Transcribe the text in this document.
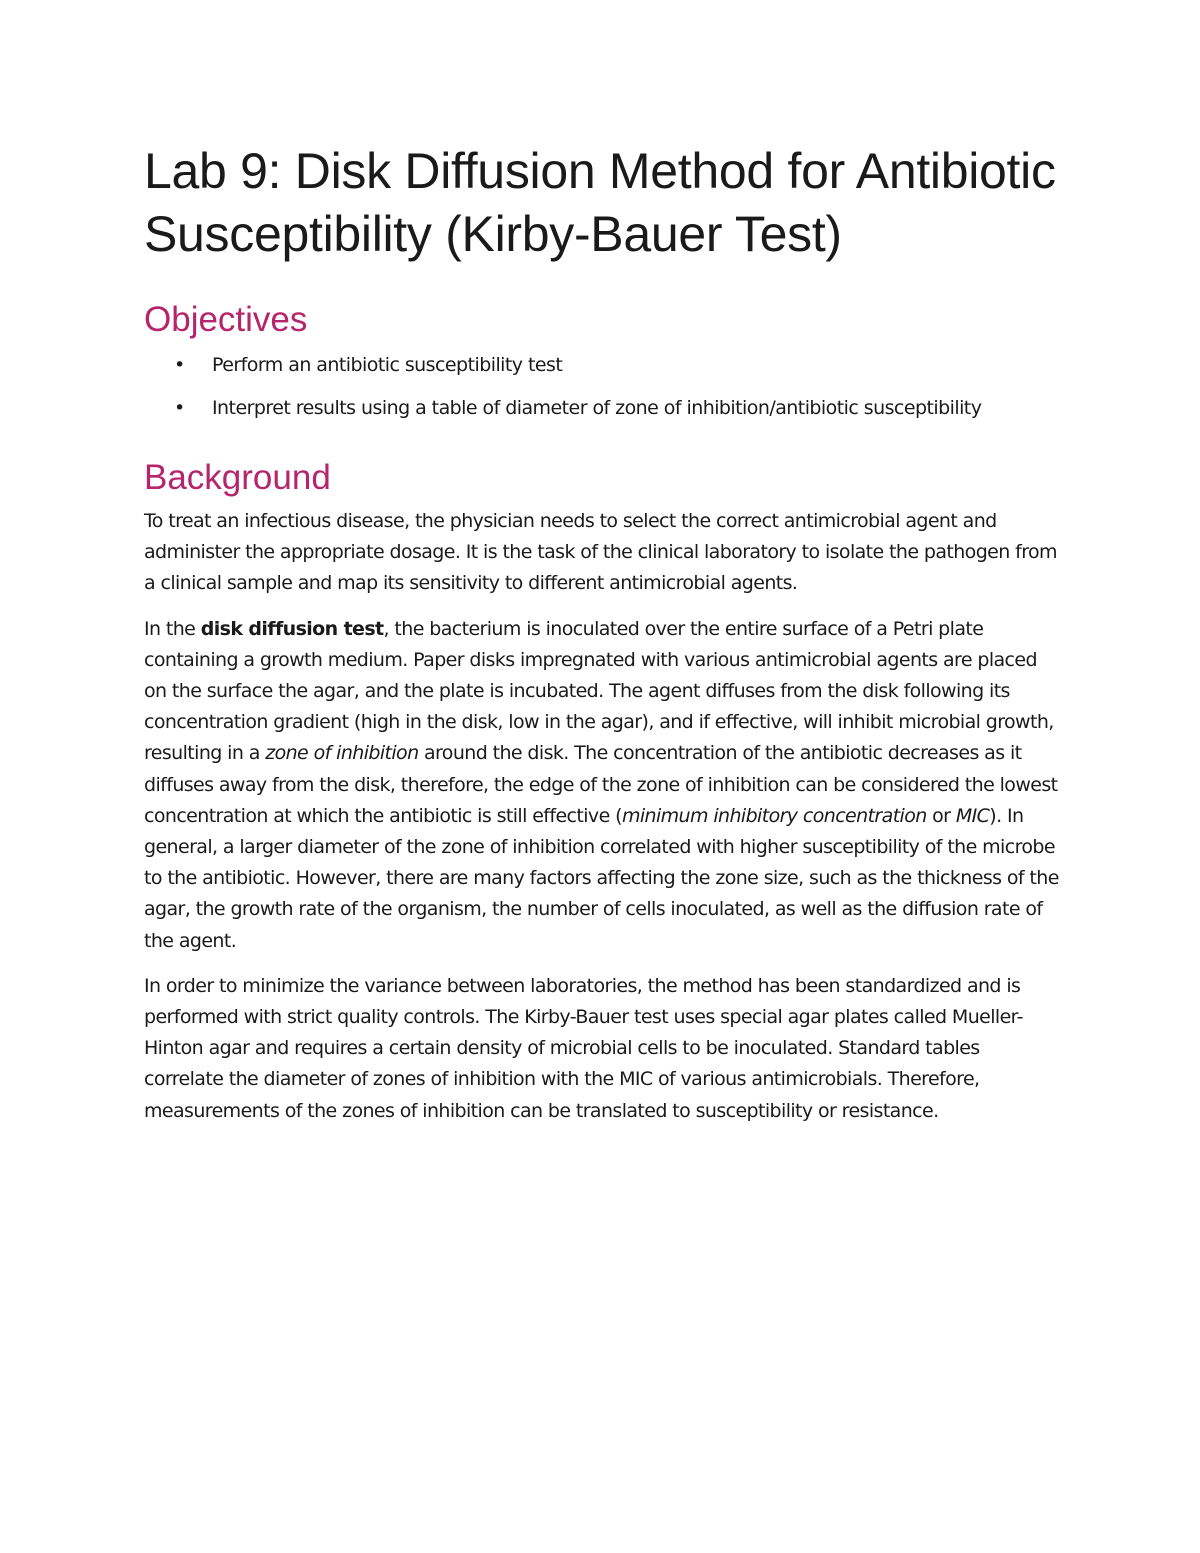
Lab 9: Disk Diffusion Method for Antibiotic Susceptibility (Kirby-Bauer Test)
Objectives
• Perform an antibiotic susceptibility test
• Interpret results using a table of diameter of zone of inhibition/antibiotic susceptibility
Background

To treat an infectious disease, the physician needs to select the correct antimicrobial agent and administer the appropriate dosage. It is the task of the clinical laboratory to isolate the pathogen from a clinical sample and map its sensitivity to different antimicrobial agents.

In the disk diffusion test, the bacterium is inoculated over the entire surface of a Petri plate containing a growth medium. Paper disks impregnated with various antimicrobial agents are placed on the surface the agar, and the plate is incubated. The agent diffuses from the disk following its concentration gradient (high in the disk, low in the agar), and if effective, will inhibit microbial growth, resulting in a zone of inhibition around the disk. The concentration of the antibiotic decreases as it diffuses away from the disk, therefore, the edge of the zone of inhibition can be considered the lowest concentration at which the antibiotic is still effective (minimum inhibitory concentration or MIC). In general, a larger diameter of the zone of inhibition correlated with higher susceptibility of the microbe to the antibiotic. However, there are many factors affecting the zone size, such as the thickness of the agar, the growth rate of the organism, the number of cells inoculated, as well as the diffusion rate of the agent.

In order to minimize the variance between laboratories, the method has been standardized and is performed with strict quality controls. The Kirby-Bauer test uses special agar plates called Mueller-Hinton agar and requires a certain density of microbial cells to be inoculated. Standard tables correlate the diameter of zones of inhibition with the MIC of various antimicrobials. Therefore, measurements of the zones of inhibition can be translated to susceptibility or resistance.
